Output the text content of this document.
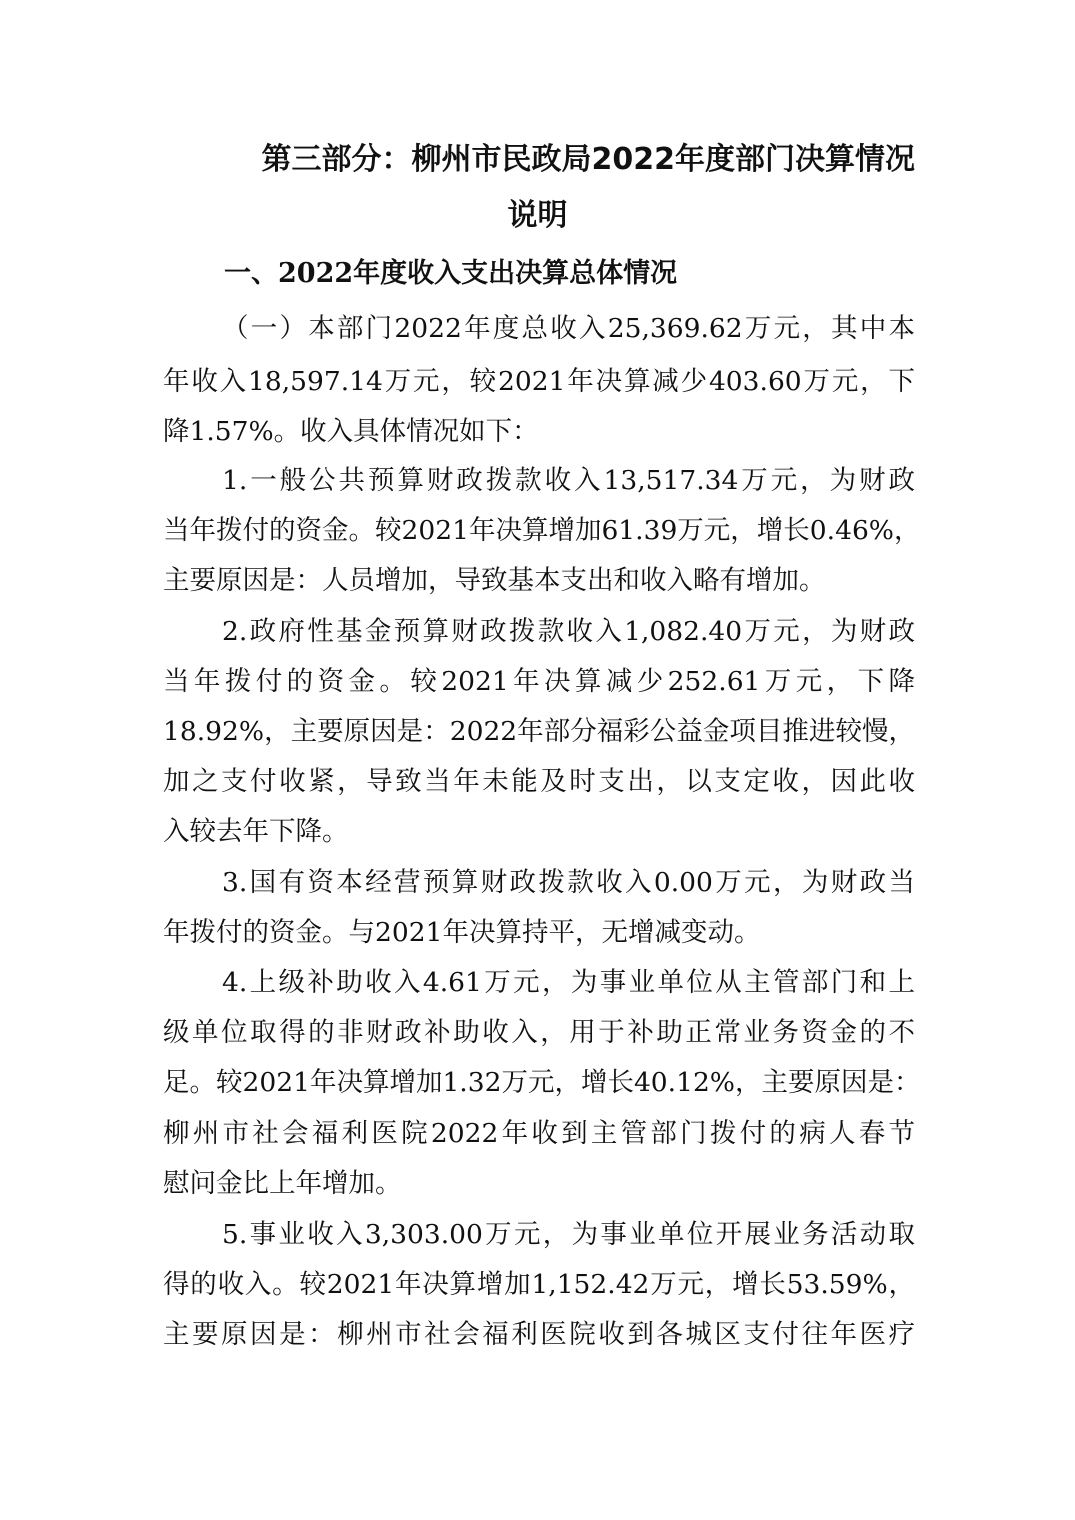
第三部分：柳州市民政局2022年度部门决算情况
说明
一、2022年度收入支出决算总体情况

（一）本部门2022年度总收入25,369.62万元，其中本

年收入18,597.14万元，较2021年决算减少403.60万元，下

降1.57%。收入具体情况如下：

1.一般公共预算财政拨款收入13,517.34万元，为财政

当年拨付的资金。较2021年决算增加61.39万元，增长0.46%，

主要原因是：人员增加，导致基本支出和收入略有增加。

2.政府性基金预算财政拨款收入1,082.40万元，为财政

当年拨付的资金。较2021年决算减少252.61万元，下降

18.92%，主要原因是：2022年部分福彩公益金项目推进较慢，

加之支付收紧，导致当年未能及时支出，以支定收，因此收

入较去年下降。

3.国有资本经营预算财政拨款收入0.00万元，为财政当

年拨付的资金。与2021年决算持平，无增减变动。

4.上级补助收入4.61万元，为事业单位从主管部门和上

级单位取得的非财政补助收入，用于补助正常业务资金的不

足。较2021年决算增加1.32万元，增长40.12%，主要原因是：

柳州市社会福利医院2022年收到主管部门拨付的病人春节

慰问金比上年增加。

5.事业收入3,303.00万元，为事业单位开展业务活动取

得的收入。较2021年决算增加1,152.42万元，增长53.59%，

主要原因是：柳州市社会福利医院收到各城区支付往年医疗
